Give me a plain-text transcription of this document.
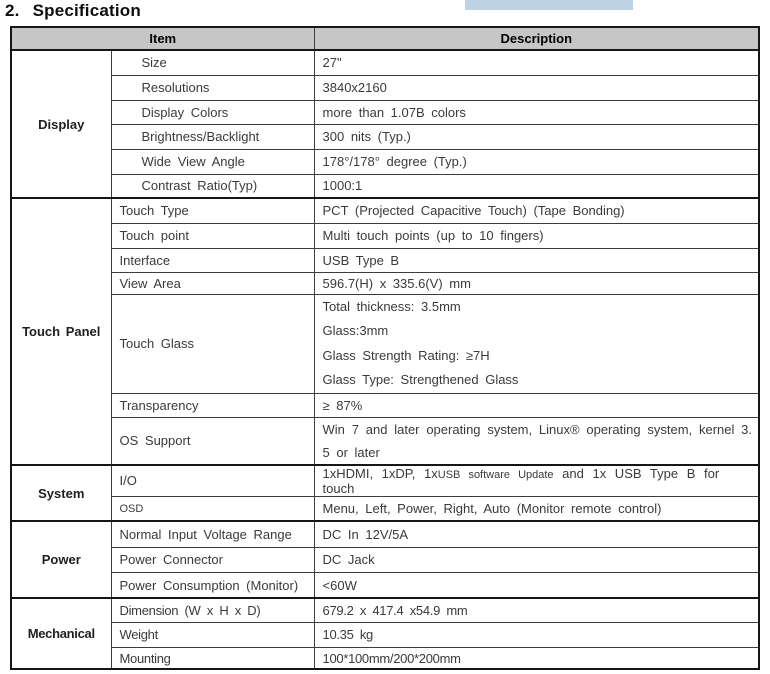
2. Specification
Item		Description
Display	Size	27"
	Resolutions	3840x2160
	Display Colors	more than 1.07B colors
	Brightness/Backlight	300 nits (Typ.)
	Wide View Angle	178°/178° degree (Typ.)
	Contrast Ratio(Typ)	1000:1
Touch Panel	Touch Type	PCT (Projected Capacitive Touch) (Tape Bonding)
	Touch point	Multi touch points (up to 10 fingers)
	Interface	USB Type B
	View Area	596.7(H) x 335.6(V) mm
	Touch Glass	Total thickness: 3.5mm
Glass:3mm
Glass Strength Rating: ≥7H
Glass Type: Strengthened Glass

	Transparency	≥ 87%
	OS Support	Win 7 and later operating system, Linux® operating system, kernel 3.5 or later
System	I/O	1xHDMI, 1xDP, 1xUSB software Update and 1x USB Type B for touch
	OSD	Menu, Left, Power, Right, Auto (Monitor remote control)
Power	Normal Input Voltage Range	DC In 12V/5A
	Power Connector	DC Jack
	Power Consumption (Monitor)	<60W
Mechanical	Dimension (W x H x D)	679.2 x 417.4 x54.9 mm
	Weight	10.35 kg
	Mounting	100*100mm/200*200mm
